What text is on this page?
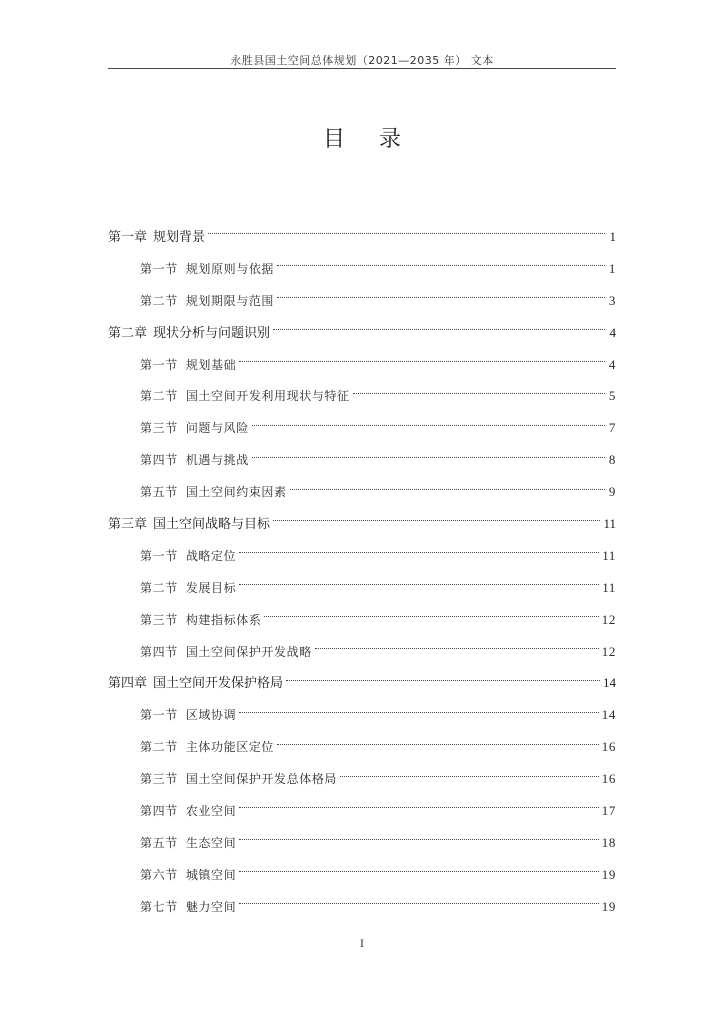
永胜县国土空间总体规划（2021—2035 年） 文本
目录
第一章 规划背景	1
第一节 规划原则与依据	1
第二节 规划期限与范围	3
第二章 现状分析与问题识别	4
第一节 规划基础	4
第二节 国土空间开发利用现状与特征	5
第三节 问题与风险	7
第四节 机遇与挑战	8
第五节 国土空间约束因素	9
第三章 国土空间战略与目标	11
第一节 战略定位	11
第二节 发展目标	11
第三节 构建指标体系	12
第四节 国土空间保护开发战略	12
第四章 国土空间开发保护格局	14
第一节 区域协调	14
第二节 主体功能区定位	16
第三节 国土空间保护开发总体格局	16
第四节 农业空间	17
第五节 生态空间	18
第六节 城镇空间	19
第七节 魅力空间	19
I
